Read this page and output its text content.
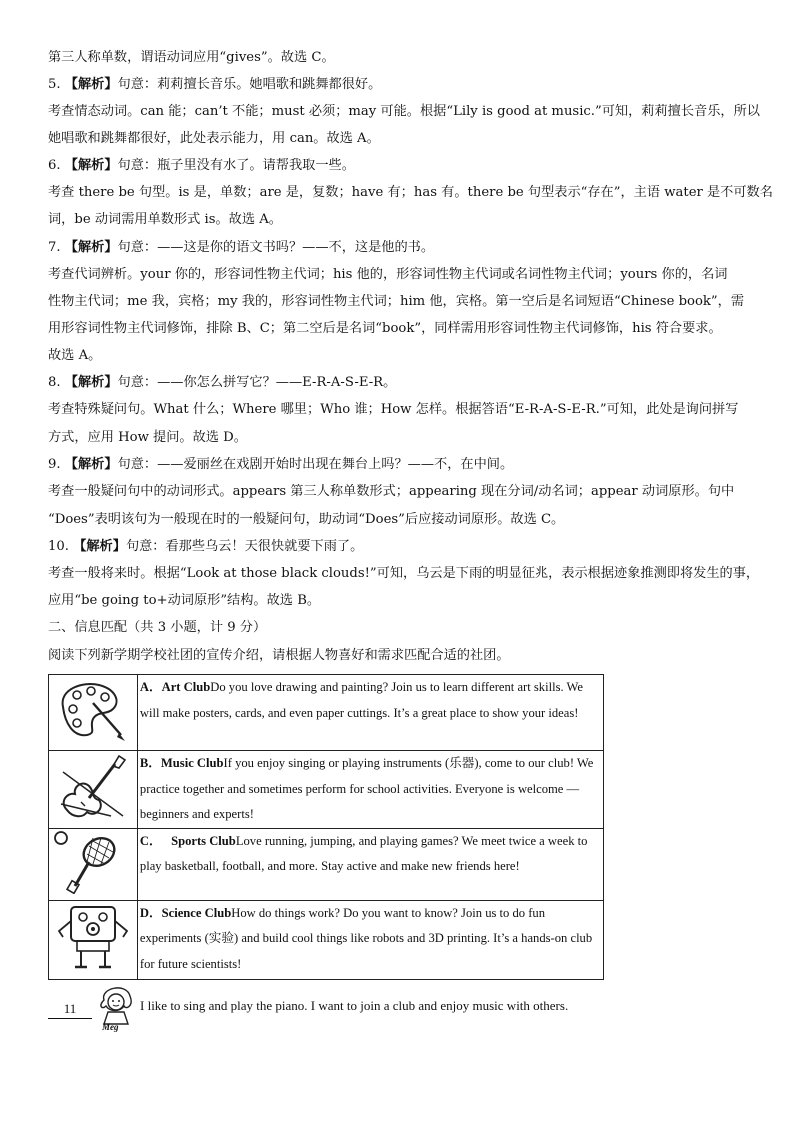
第三人称单数，谓语动词应用“gives”。故选 C。
5. 【解析】句意：莉莉擅长音乐。她唱歌和跳舞都很好。
考查情态动词。can 能；can’t 不能；must 必须；may 可能。根据“Lily is good at music.”可知，莉莉擅长音乐，所以
她唱歌和跳舞都很好，此处表示能力，用 can。故选 A。
6. 【解析】句意：瓶子里没有水了。请帮我取一些。
考查 there be 句型。is 是，单数；are 是，复数；have 有；has 有。there be 句型表示“存在”，主语 water 是不可数名
词，be 动词需用单数形式 is。故选 A。
7. 【解析】句意：——这是你的语文书吗？——不，这是他的书。
考查代词辨析。your 你的，形容词性物主代词；his 他的，形容词性物主代词或名词性物主代词；yours 你的，名词
性物主代词；me 我，宾格；my 我的，形容词性物主代词；him 他，宾格。第一空后是名词短语“Chinese book”，需
用形容词性物主代词修饰，排除 B、C；第二空后是名词“book”，同样需用形容词性物主代词修饰，his 符合要求。
故选 A。
8. 【解析】句意：——你怎么拼写它？——E-R-A-S-E-R。
考查特殊疑问句。What 什么；Where 哪里；Who 谁；How 怎样。根据答语“E-R-A-S-E-R.”可知，此处是询问拼写
方式，应用 How 提问。故选 D。
9. 【解析】句意：——爱丽丝在戏剧开始时出现在舞台上吗？——不，在中间。
考查一般疑问句中的动词形式。appears 第三人称单数形式；appearing 现在分词/动名词；appear 动词原形。句中
“Does”表明该句为一般现在时的一般疑问句，助动词“Does”后应接动词原形。故选 C。
10. 【解析】句意：看那些乌云！天很快就要下雨了。
考查一般将来时。根据“Look at those black clouds!”可知，乌云是下雨的明显征兆，表示根据迹象推测即将发生的事，
应用“be going to+动词原形”结构。故选 B。
二、信息匹配（共 3 小题，计 9 分）
阅读下列新学期学校社团的宣传介绍，请根据人物喜好和需求匹配合适的社团。
	A．Art ClubDo you love drawing and painting? Join us to learn different art skills. We will make posters, cards, and even paper cuttings. It’s a great place to show your ideas!
	B．Music ClubIf you enjoy singing or playing instruments (乐器), come to our club! We practice together and sometimes perform for school activities. Everyone is welcome — beginners and experts!
	C． Sports ClubLove running, jumping, and playing games? We meet twice a week to play basketball, football, and more. Stay active and make new friends here!
	D．Science ClubHow do things work? Do you want to know? Join us to do fun experiments (实验) and build cool things like robots and 3D printing. It’s a hands-on club for future scientists!
11
Meg
I like to sing and play the piano. I want to join a club and enjoy music with others.
